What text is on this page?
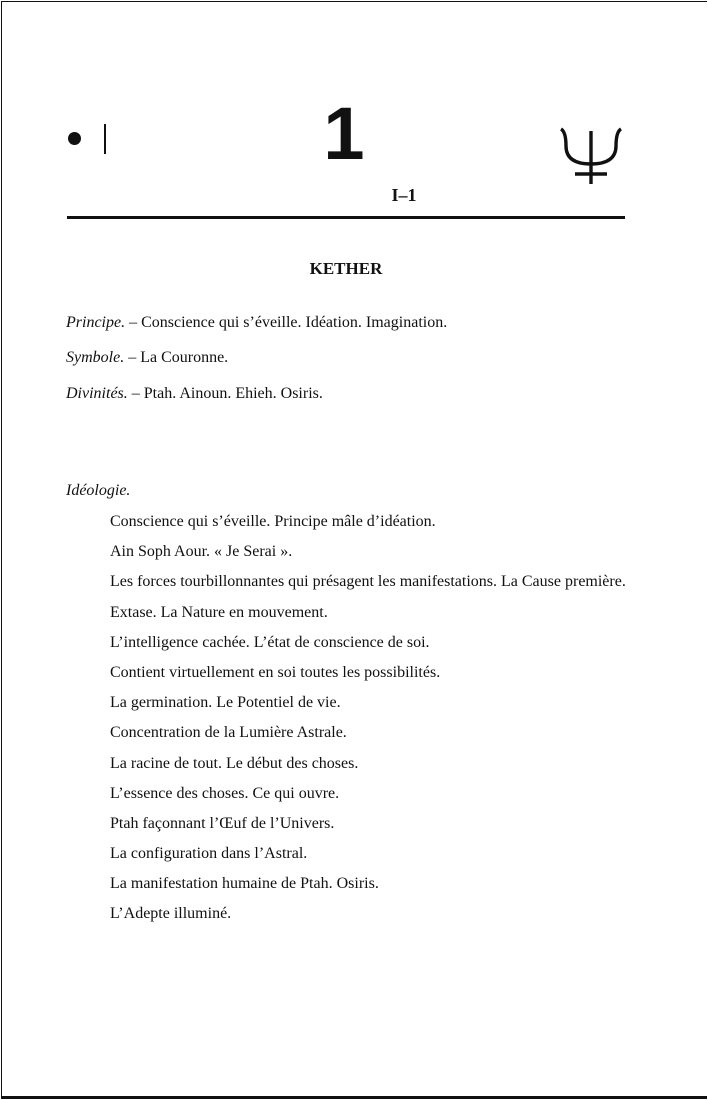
1
I–1
KETHER
Principe. – Conscience qui s’éveille. Idéation. Imagination.
Symbole. – La Couronne.
Divinités. – Ptah. Ainoun. Ehieh. Osiris.
Idéologie.
Conscience qui s’éveille. Principe mâle d’idéation.
Ain Soph Aour. « Je Serai ».
Les forces tourbillonnantes qui présagent les manifestations. La Cause première.
Extase. La Nature en mouvement.
L’intelligence cachée. L’état de conscience de soi.
Contient virtuellement en soi toutes les possibilités.
La germination. Le Potentiel de vie.
Concentration de la Lumière Astrale.
La racine de tout. Le début des choses.
L’essence des choses. Ce qui ouvre.
Ptah façonnant l’Œuf de l’Univers.
La configuration dans l’Astral.
La manifestation humaine de Ptah. Osiris.
L’Adepte illuminé.
